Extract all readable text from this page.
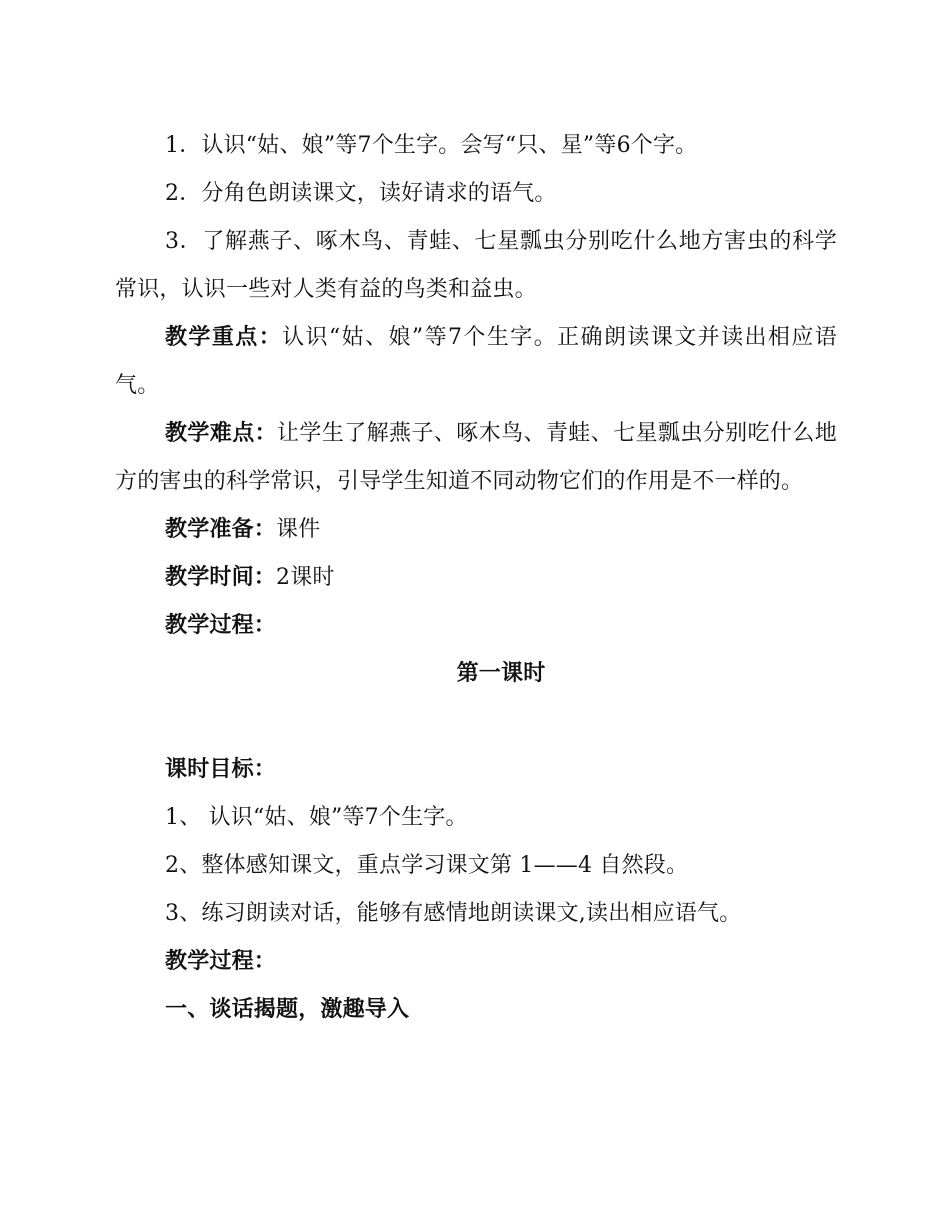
1．认识“姑、娘”等7个生字。会写“只、星”等6个字。

2．分角色朗读课文，读好请求的语气。

3．了解燕子、啄木鸟、青蛙、七星瓢虫分别吃什么地方害虫的科学常识，认识一些对人类有益的鸟类和益虫。

教学重点：认识“姑、娘”等7个生字。正确朗读课文并读出相应语气。

教学难点：让学生了解燕子、啄木鸟、青蛙、七星瓢虫分别吃什么地方的害虫的科学常识，引导学生知道不同动物它们的作用是不一样的。

教学准备：课件

教学时间：2课时

教学过程：

第一课时

课时目标：

1、 认识“姑、娘”等7个生字。

2、整体感知课文，重点学习课文第 1——4 自然段。

3、练习朗读对话，能够有感情地朗读课文,读出相应语气。

教学过程：

一、谈话揭题，激趣导入
